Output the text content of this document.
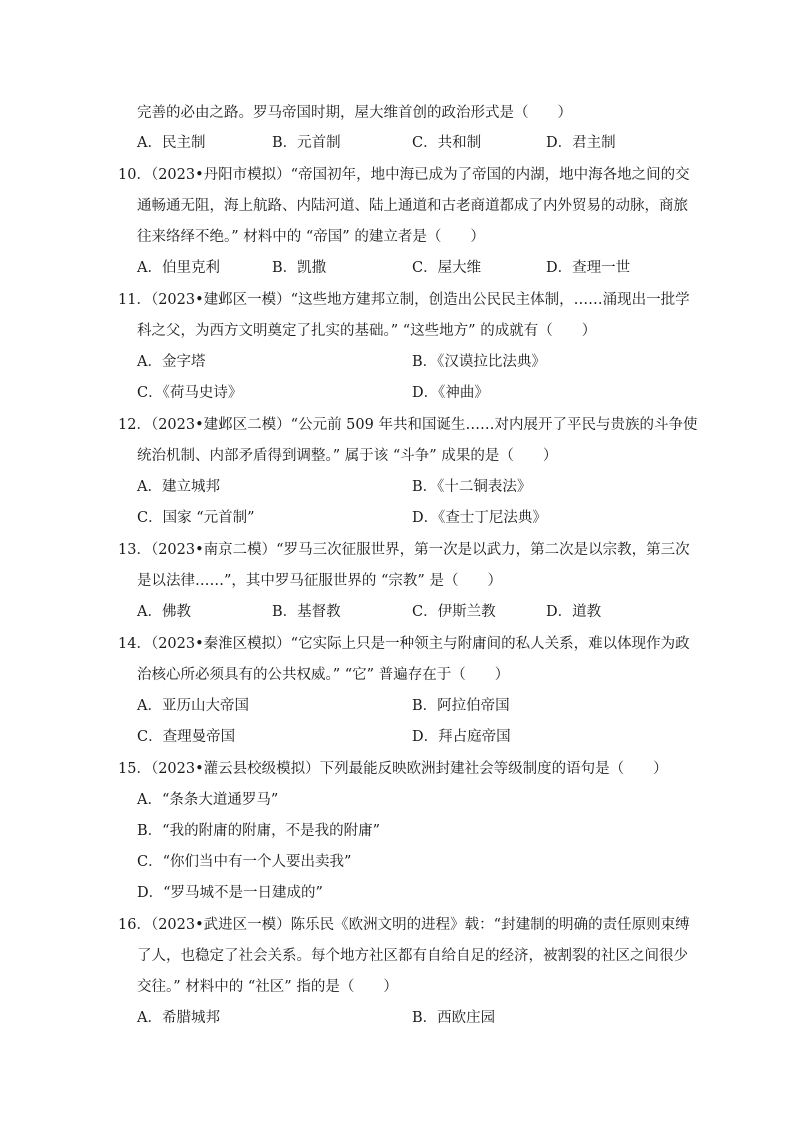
完善的必由之路。罗马帝国时期，屋大维首创的政治形式是（　　）
A．民主制	B．元首制	C．共和制	D．君主制
10．（2023•丹阳市模拟）“帝国初年，地中海已成为了帝国的内湖，地中海各地之间的交
通畅通无阻，海上航路、内陆河道、陆上通道和古老商道都成了内外贸易的动脉，商旅
往来络绎不绝。” 材料中的 “帝国” 的建立者是（　　）
A．伯里克利	B．凯撒	C．屋大维	D．查理一世
11．（2023•建邺区一模）“这些地方建邦立制，创造出公民民主体制，……涌现出一批学
科之父，为西方文明奠定了扎实的基础。” “这些地方” 的成就有（　　）
A．金字塔	B．《汉谟拉比法典》
C．《荷马史诗》	D．《神曲》
12．（2023•建邺区二模）“公元前 509 年共和国诞生……对内展开了平民与贵族的斗争使
统治机制、内部矛盾得到调整。” 属于该 “斗争” 成果的是（　　）
A．建立城邦	B．《十二铜表法》
C．国家 “元首制”	D．《查士丁尼法典》
13．（2023•南京二模）“罗马三次征服世界，第一次是以武力，第二次是以宗教，第三次
是以法律……”，其中罗马征服世界的 “宗教” 是（　　）
A．佛教	B．基督教	C．伊斯兰教	D．道教
14．（2023•秦淮区模拟）“它实际上只是一种领主与附庸间的私人关系，难以体现作为政
治核心所必须具有的公共权威。” “它” 普遍存在于（　　）
A．亚历山大帝国	B．阿拉伯帝国
C．查理曼帝国	D．拜占庭帝国
15．（2023•灌云县校级模拟）下列最能反映欧洲封建社会等级制度的语句是（　　）
A．“条条大道通罗马”
B．“我的附庸的附庸，不是我的附庸”
C．“你们当中有一个人要出卖我”
D．“罗马城不是一日建成的”
16．（2023•武进区一模）陈乐民《欧洲文明的进程》载：“封建制的明确的责任原则束缚
了人，也稳定了社会关系。每个地方社区都有自给自足的经济，被割裂的社区之间很少
交往。” 材料中的 “社区” 指的是（　　）
A．希腊城邦	B．西欧庄园
